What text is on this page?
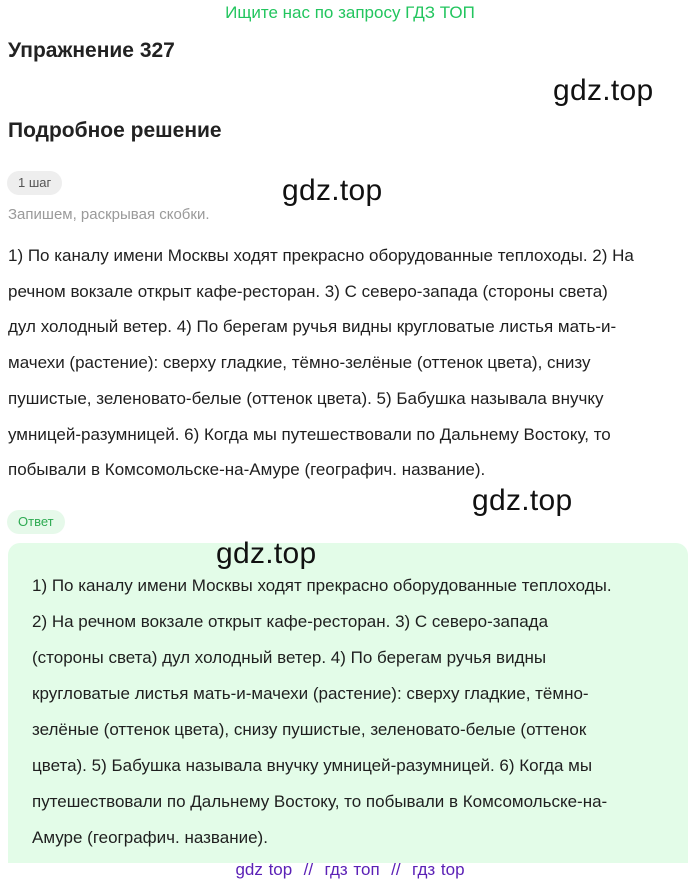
Ищите нас по запросу ГДЗ ТОП
Упражнение 327
gdz.top
Подробное решение
1 шаг	gdz.top
Запишем, раскрывая скобки.
1) По каналу имени Москвы ходят прекрасно оборудованные теплоходы. 2) На
речном вокзале открыт кафе-ресторан. 3) С северо-запада (стороны света)
дул холодный ветер. 4) По берегам ручья видны кругловатые листья мать-и-
мачехи (растение): сверху гладкие, тёмно-зелёные (оттенок цвета), снизу
пушистые, зеленовато-белые (оттенок цвета). 5) Бабушка называла внучку
умницей-разумницей. 6) Когда мы путешествовали по Дальнему Востоку, то
побывали в Комсомольске-на-Амуре (географич. название).
gdz.top
Ответ
gdz.top
1) По каналу имени Москвы ходят прекрасно оборудованные теплоходы.
2) На речном вокзале открыт кафе-ресторан. 3) С северо-запада
(стороны света) дул холодный ветер. 4) По берегам ручья видны
кругловатые листья мать-и-мачехи (растение): сверху гладкие, тёмно-
зелёные (оттенок цвета), снизу пушистые, зеленовато-белые (оттенок
цвета). 5) Бабушка называла внучку умницей-разумницей. 6) Когда мы
путешествовали по Дальнему Востоку, то побывали в Комсомольске-на-
Амуре (географич. название).
gdz top  //  гдз топ  //  гдз top
